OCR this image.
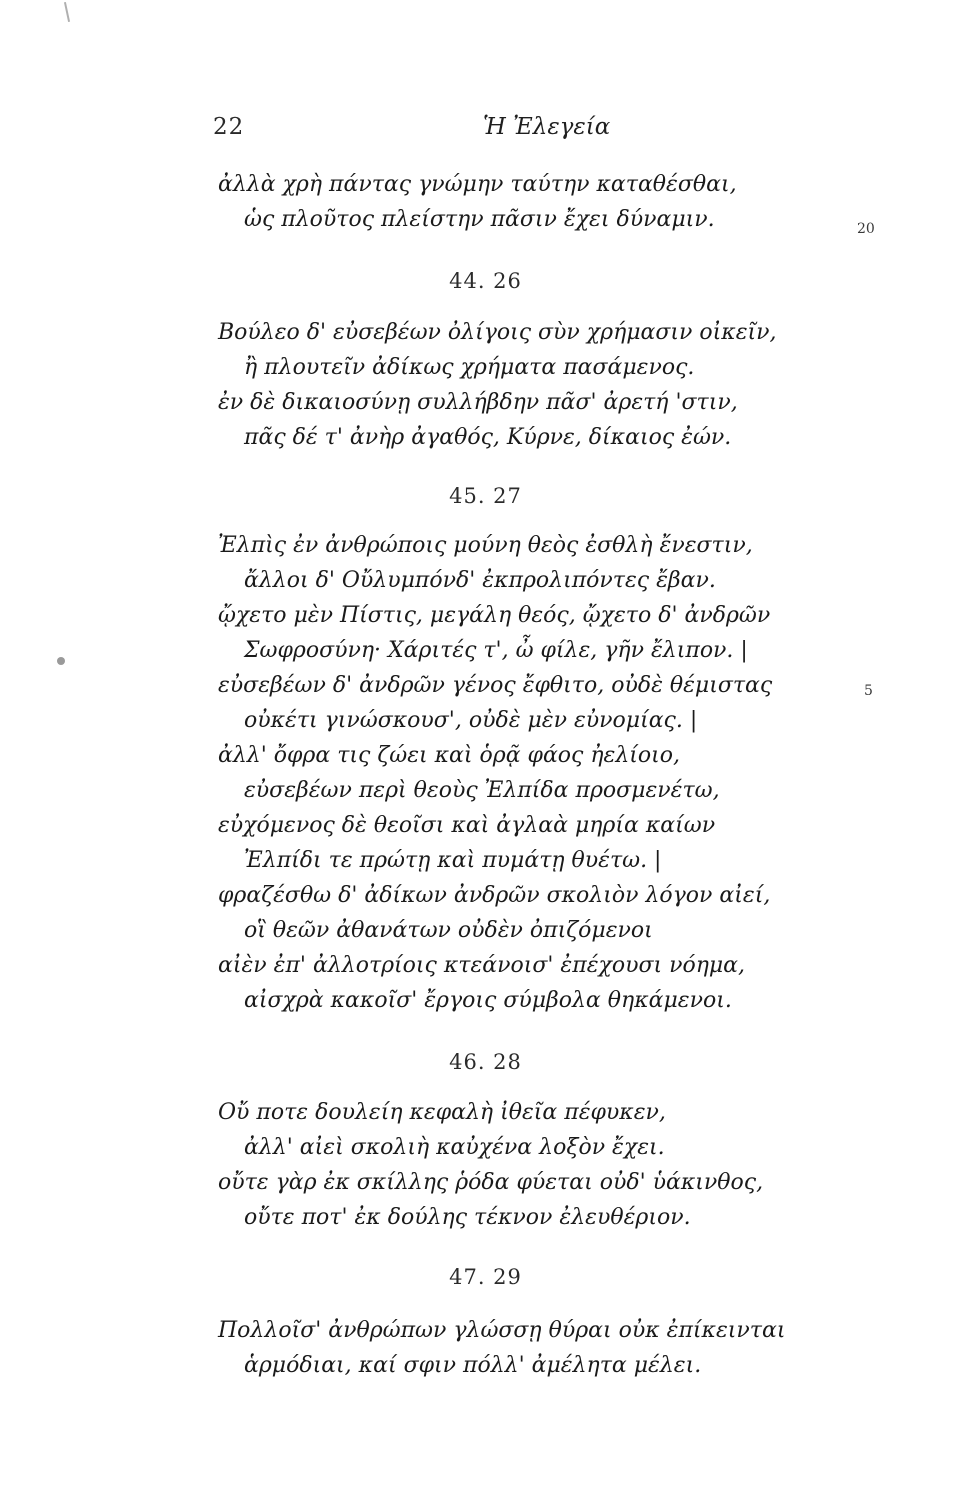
22	Ἡ Ἐλεγεία
ἀλλὰ χρὴ πάντας γνώμην ταύτην καταθέσθαι,
ὡς πλοῦτος πλείστην πᾶσιν ἔχει δύναμιν.	20
44. 26
Βούλεο δ' εὐσεβέων ὀλίγοις σὺν χρήμασιν οἰκεῖν,
ἢ πλουτεῖν ἀδίκως χρήματα πασάμενος.
ἐν δὲ δικαιοσύνῃ συλλήβδην πᾶσ' ἀρετή 'στιν,
πᾶς δέ τ' ἀνὴρ ἀγαθός, Κύρνε, δίκαιος ἐών.
45. 27
Ἐλπὶς ἐν ἀνθρώποις μούνη θεὸς ἐσθλὴ ἔνεστιν,
ἄλλοι δ' Οὔλυμπόνδ' ἐκπρολιπόντες ἔβαν.
ᾤχετο μὲν Πίστις, μεγάλη θεός, ᾤχετο δ' ἀνδρῶν
Σωφροσύνη· Χάριτές τ', ὦ φίλε, γῆν ἔλιπον. |
εὐσεβέων δ' ἀνδρῶν γένος ἔφθιτο, οὐδὲ θέμιστας	5
οὐκέτι γινώσκουσ', οὐδὲ μὲν εὐνομίας. |
ἀλλ' ὄφρα τις ζώει καὶ ὁρᾷ φάος ἠελίοιο,
εὐσεβέων περὶ θεοὺς Ἐλπίδα προσμενέτω,
εὐχόμενος δὲ θεοῖσι καὶ ἀγλαὰ μηρία καίων
Ἐλπίδι τε πρώτῃ καὶ πυμάτῃ θυέτω. |
φραζέσθω δ' ἀδίκων ἀνδρῶν σκολιὸν λόγον αἰεί,
οἳ θεῶν ἀθανάτων οὐδὲν ὀπιζόμενοι
αἰὲν ἐπ' ἀλλοτρίοις κτεάνοισ' ἐπέχουσι νόημα,
αἰσχρὰ κακοῖσ' ἔργοις σύμβολα θηκάμενοι.
46. 28
Οὔ ποτε δουλείη κεφαλὴ ἰθεῖα πέφυκεν,
ἀλλ' αἰεὶ σκολιὴ καὐχένα λοξὸν ἔχει.
οὔτε γὰρ ἐκ σκίλλης ῥόδα φύεται οὐδ' ὑάκινθος,
οὔτε ποτ' ἐκ δούλης τέκνον ἐλευθέριον.
47. 29
Πολλοῖσ' ἀνθρώπων γλώσσῃ θύραι οὐκ ἐπίκεινται
ἁρμόδιαι, καί σφιν πόλλ' ἀμέλητα μέλει.
